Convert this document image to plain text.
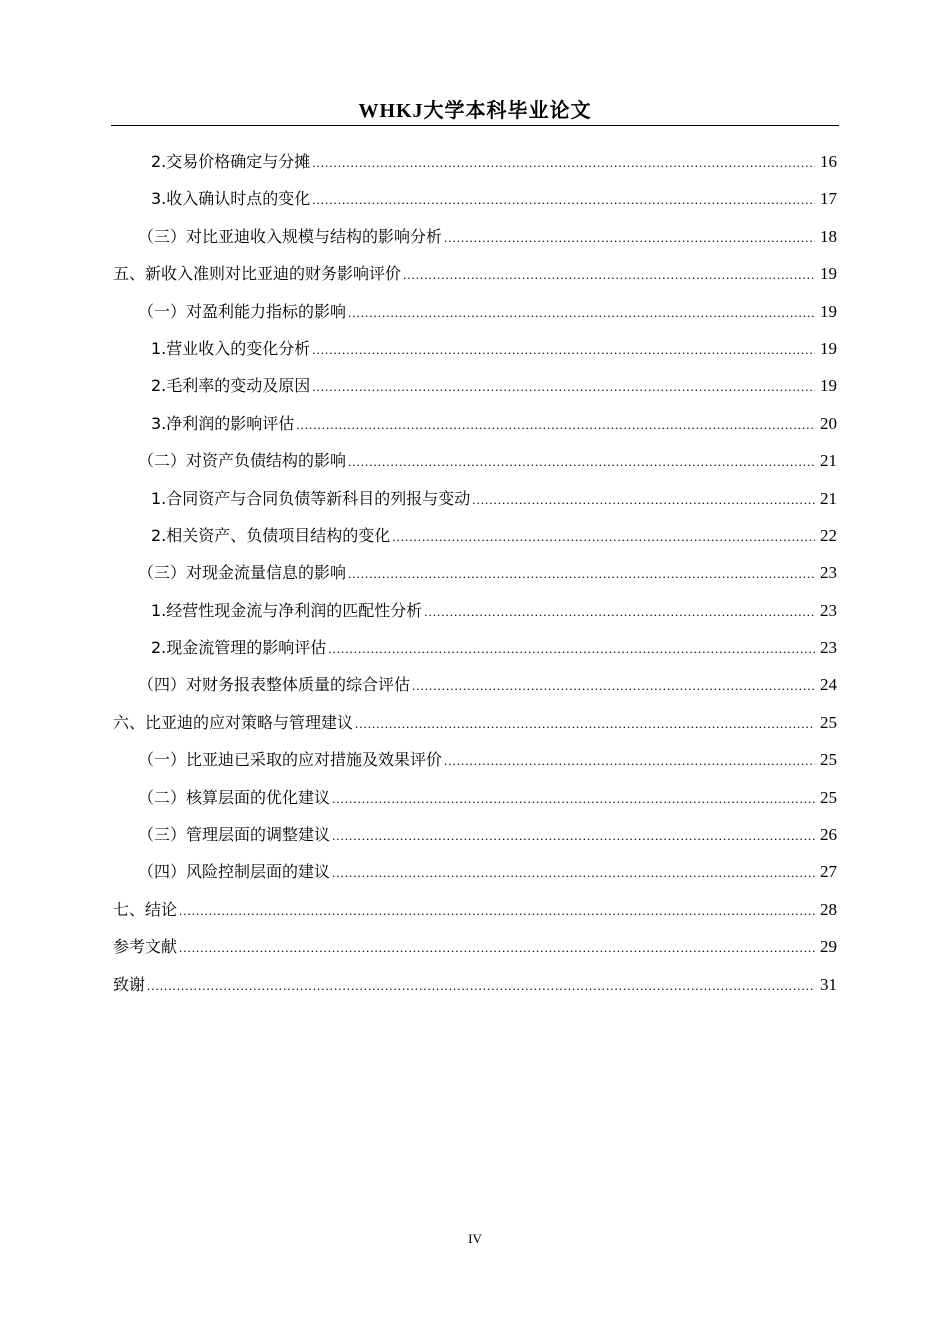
WHKJ大学本科毕业论文
2.交易价格确定与分摊 .....	16
3.收入确认时点的变化 .....	17
（三）对比亚迪收入规模与结构的影响分析 .....	18
五、新收入准则对比亚迪的财务影响评价 .....	19
（一）对盈利能力指标的影响 .....	19
1.营业收入的变化分析 .....	19
2.毛利率的变动及原因 .....	19
3.净利润的影响评估 .....	20
（二）对资产负债结构的影响 .....	21
1.合同资产与合同负债等新科目的列报与变动 .....	21
2.相关资产、负债项目结构的变化 .....	22
（三）对现金流量信息的影响 .....	23
1.经营性现金流与净利润的匹配性分析 .....	23
2.现金流管理的影响评估 .....	23
（四）对财务报表整体质量的综合评估 .....	24
六、比亚迪的应对策略与管理建议 .....	25
（一）比亚迪已采取的应对措施及效果评价 .....	25
（二）核算层面的优化建议 .....	25
（三）管理层面的调整建议 .....	26
（四）风险控制层面的建议 .....	27
七、结论 .....	28
参考文献 .....	29
致谢 .....	31
IV
